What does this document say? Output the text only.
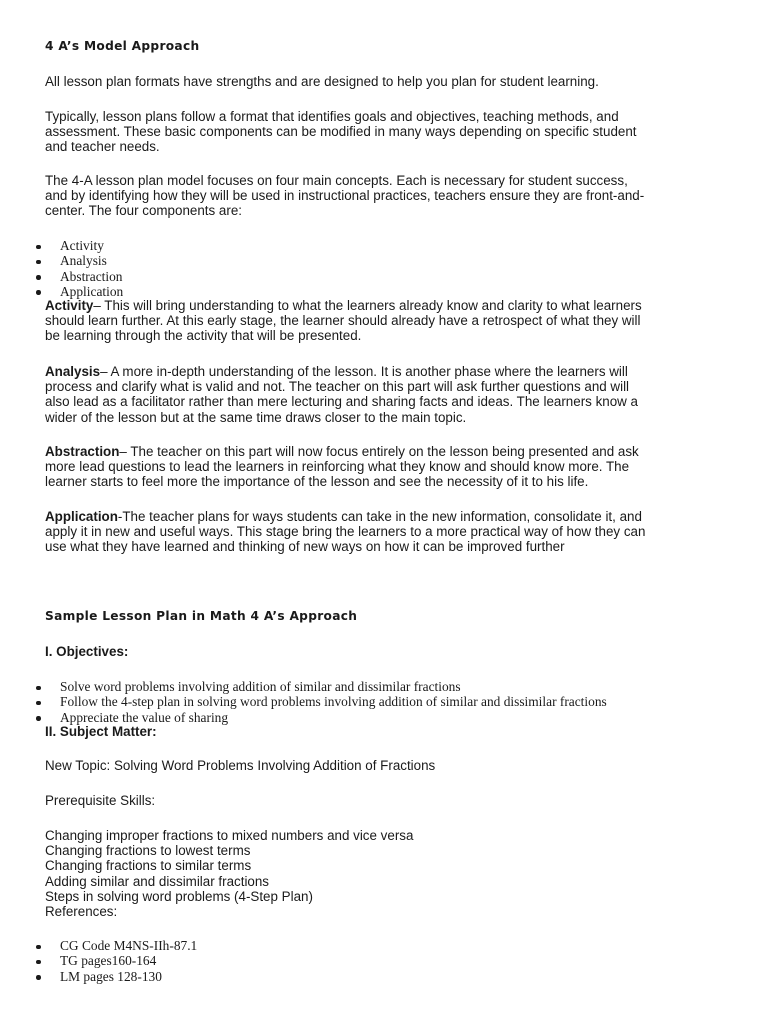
4 A’s Model Approach
All lesson plan formats have strengths and are designed to help you plan for student learning.
Typically, lesson plans follow a format that identifies goals and objectives, teaching methods, and
assessment. These basic components can be modified in many ways depending on specific student
and teacher needs.
The 4-A lesson plan model focuses on four main concepts. Each is necessary for student success,
and by identifying how they will be used in instructional practices, teachers ensure they are front-and-
center. The four components are:
Activity
Analysis
Abstraction
Application
Activity– This will bring understanding to what the learners already know and clarity to what learners
should learn further. At this early stage, the learner should already have a retrospect of what they will
be learning through the activity that will be presented.
Analysis– A more in-depth understanding of the lesson. It is another phase where the learners will
process and clarify what is valid and not. The teacher on this part will ask further questions and will
also lead as a facilitator rather than mere lecturing and sharing facts and ideas. The learners know a
wider of the lesson but at the same time draws closer to the main topic.
Abstraction– The teacher on this part will now focus entirely on the lesson being presented and ask
more lead questions to lead the learners in reinforcing what they know and should know more. The
learner starts to feel more the importance of the lesson and see the necessity of it to his life.
Application-The teacher plans for ways students can take in the new information, consolidate it, and
apply it in new and useful ways. This stage bring the learners to a more practical way of how they can
use what they have learned and thinking of new ways on how it can be improved further
Sample Lesson Plan in Math 4 A’s Approach
I. Objectives:
Solve word problems involving addition of similar and dissimilar fractions
Follow the 4-step plan in solving word problems involving addition of similar and dissimilar fractions
Appreciate the value of sharing
II. Subject Matter:
New Topic: Solving Word Problems Involving Addition of Fractions
Prerequisite Skills:
Changing improper fractions to mixed numbers and vice versa
Changing fractions to lowest terms
Changing fractions to similar terms
Adding similar and dissimilar fractions
Steps in solving word problems (4-Step Plan)
References:
CG Code M4NS-IIh-87.1
TG pages160-164
LM pages 128-130
